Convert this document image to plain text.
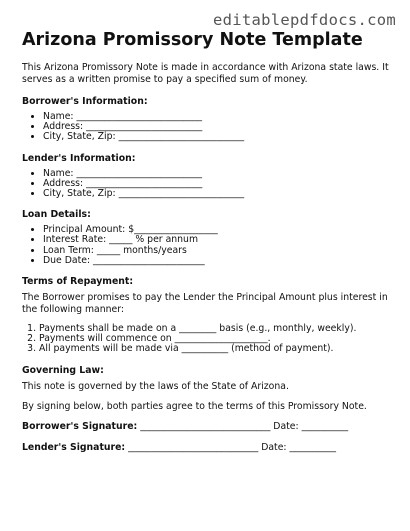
editablepdfdocs.com
Arizona Promissory Note Template

This Arizona Promissory Note is made in accordance with Arizona state laws. It serves as a written promise to pay a specified sum of money.

Borrower's Information:
• Name: ___________________________
• Address: _________________________
• City, State, Zip: ___________________________
Lender's Information:
• Name: ___________________________
• Address: _________________________
• City, State, Zip: ___________________________
Loan Details:
• Principal Amount: $__________________
• Interest Rate: _____ % per annum
• Loan Term: _____ months/years
• Due Date: ________________________
Terms of Repayment:

The Borrower promises to pay the Lender the Principal Amount plus interest in the following manner:

1. Payments shall be made on a ________ basis (e.g., monthly, weekly).
2. Payments will commence on ____________________.
3. All payments will be made via __________ (method of payment).
Governing Law:

This note is governed by the laws of the State of Arizona.

By signing below, both parties agree to the terms of this Promissory Note.

Borrower's Signature: ____________________________ Date: __________
Lender's Signature: ____________________________ Date: __________
